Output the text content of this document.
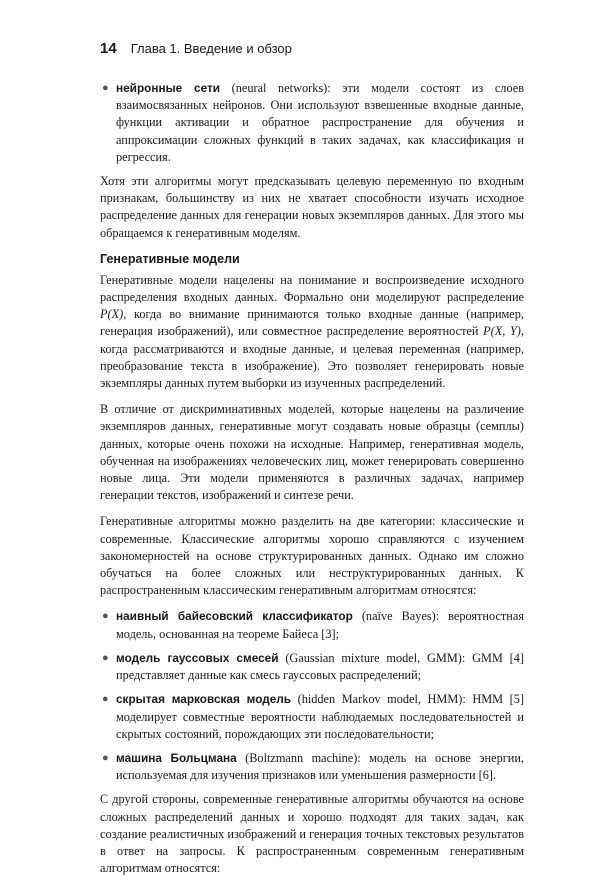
14 Глава 1. Введение и обзор
● нейронные сети (neural networks): эти модели состоят из слоев взаимосвязанных нейронов. Они используют взвешенные входные данные, функции активации и обратное распространение для обучения и аппроксимации сложных функций в таких задачах, как классификация и регрессия.

Хотя эти алгоритмы могут предсказывать целевую переменную по входным признакам, большинству из них не хватает способности изучать исходное распределение данных для генерации новых экземпляров данных. Для этого мы обращаемся к генеративным моделям.

Генеративные модели

Генеративные модели нацелены на понимание и воспроизведение исходного распределения входных данных. Формально они моделируют распределение P(X), когда во внимание принимаются только входные данные (например, генерация изображений), или совместное распределение вероятностей P(X, Y), когда рассматриваются и входные данные, и целевая переменная (например, преобразование текста в изображение). Это позволяет генерировать новые экземпляры данных путем выборки из изученных распределений.

В отличие от дискриминативных моделей, которые нацелены на различение экземпляров данных, генеративные могут создавать новые образцы (семплы) данных, которые очень похожи на исходные. Например, генеративная модель, обученная на изображениях человеческих лиц, может генерировать совершенно новые лица. Эти модели применяются в различных задачах, например генерации текстов, изображений и синтезе речи.

Генеративные алгоритмы можно разделить на две категории: классические и современные. Классические алгоритмы хорошо справляются с изучением закономерностей на основе структурированных данных. Однако им сложно обучаться на более сложных или неструктурированных данных. К распространенным классическим генеративным алгоритмам относятся:

● наивный байесовский классификатор (naïve Bayes): вероятностная модель, основанная на теореме Байеса [3];
● модель гауссовых смесей (Gaussian mixture model, GMM): GMM [4] представляет данные как смесь гауссовых распределений;
● скрытая марковская модель (hidden Markov model, HMM): HMM [5] моделирует совместные вероятности наблюдаемых последовательностей и скрытых состояний, порождающих эти последовательности;
● машина Больцмана (Boltzmann machine): модель на основе энергии, используемая для изучения признаков или уменьшения размерности [6].

С другой стороны, современные генеративные алгоритмы обучаются на основе сложных распределений данных и хорошо подходят для таких задач, как создание реалистичных изображений и генерация точных текстовых результатов в ответ на запросы. К распространенным современным генеративным алгоритмам относятся:
